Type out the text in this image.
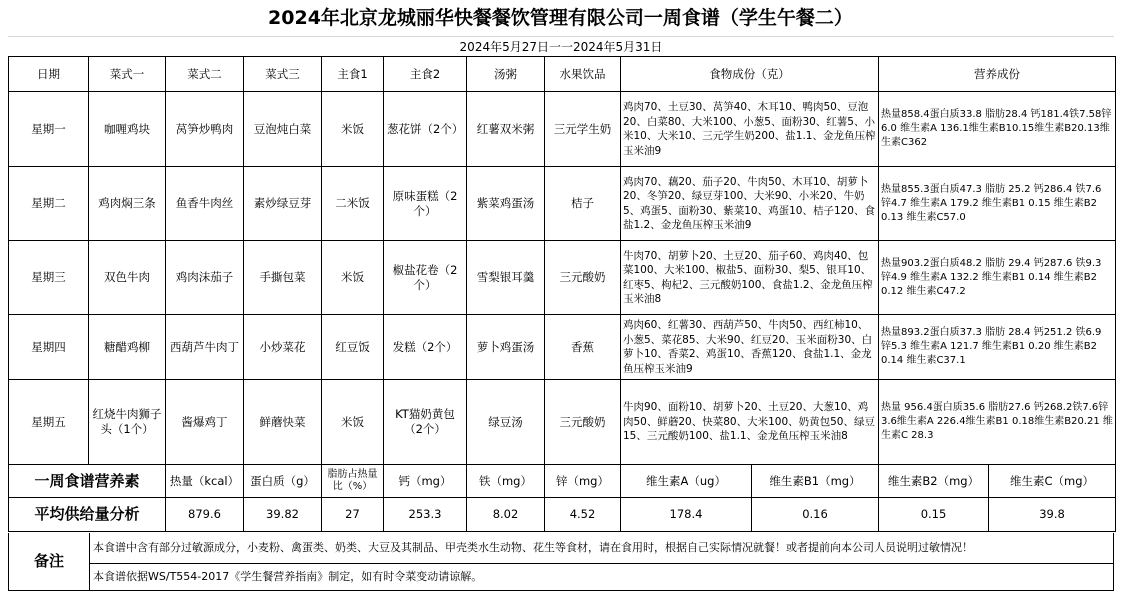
2024年北京龙城丽华快餐餐饮管理有限公司一周食谱（学生午餐二）
2024年5月27日一一2024年5月31日
日期	菜式一	菜式二	菜式三	主食1	主食2	汤粥	水果饮品	食物成份（克）		营养成份	
星期一	咖喱鸡块	莴笋炒鸭肉	豆泡炖白菜	米饭	葱花饼（2个）	红薯双米粥	三元学生奶	鸡肉70、土豆30、莴笋40、木耳10、鸭肉50、豆泡20、白菜80、大米100、小葱5、面粉30、红薯5、小米10、大米10、三元学生奶200、盐1.1、金龙鱼压榨玉米油9		热量858.4蛋白质33.8 脂肪28.4 钙181.4铁7.58锌6.0 维生素A 136.1维生素B10.15维生素B20.13维生素C362	
星期二	鸡肉焖三条	鱼香牛肉丝	素炒绿豆芽	二米饭	原味蛋糕（2个）	紫菜鸡蛋汤	桔子	鸡肉70、藕20、茄子20、牛肉50、木耳10、胡萝卜20、冬笋20、绿豆芽100、大米90、小米20、牛奶5、鸡蛋5、面粉30、紫菜10、鸡蛋10、桔子120、食盐1.2、金龙鱼压榨玉米油9		热量855.3蛋白质47.3 脂肪 25.2 钙286.4 铁7.6 锌4.7 维生素A 179.2 维生素B1 0.15 维生素B2 0.13 维生素C57.0	
星期三	双色牛肉	鸡肉沫茄子	手撕包菜	米饭	椒盐花卷（2个）	雪梨银耳羹	三元酸奶	牛肉70、胡萝卜20、土豆20、茄子60、鸡肉40、包菜100、大米100、椒盐5、面粉30、梨5、银耳10、红枣5、枸杞2、三元酸奶100、食盐1.2、金龙鱼压榨玉米油8		热量903.2蛋白质48.2 脂肪 29.4 钙287.6 铁9.3 锌4.9 维生素A 132.2 维生素B1 0.14 维生素B2 0.12 维生素C47.2	
星期四	糖醋鸡柳	西葫芦牛肉丁	小炒菜花	红豆饭	发糕（2个）	萝卜鸡蛋汤	香蕉	鸡肉60、红薯30、西葫芦50、牛肉50、西红柿10、小葱5、菜花85、大米90、红豆20、玉米面粉30、白萝卜10、香菜2、鸡蛋10、香蕉120、食盐1.1、金龙鱼压榨玉米油9		热量893.2蛋白质37.3 脂肪 28.4 钙251.2 铁6.9 锌5.3 维生素A 121.7 维生素B1 0.20 维生素B2 0.14 维生素C37.1	
星期五	红烧牛肉狮子头（1个）	酱爆鸡丁	鲜蘑快菜	米饭	KT猫奶黄包（2个）	绿豆汤	三元酸奶	牛肉90、面粉10、胡萝卜20、土豆20、大葱10、鸡肉50、鲜蘑20、快菜80、大米100、奶黄包50、绿豆15、三元酸奶100、盐1.1、金龙鱼压榨玉米油8		热量 956.4蛋白质35.6 脂肪27.6 钙268.2铁7.6锌3.6维生素A 226.4维生素B1 0.18维生素B20.21 维生素C 28.3	
一周食谱营养素		热量（kcal）	蛋白质（g）	脂肪占热量比（%）	钙（mg）	铁（mg）	锌（mg）	维生素A（ug）	维生素B1（mg）	维生素B2（mg）	维生素C（mg）
平均供给量分析		879.6	39.82	27	253.3	8.02	4.52	178.4	0.16	0.15	39.8
备注
本食谱中含有部分过敏源成分，小麦粉、禽蛋类、奶类、大豆及其制品、甲壳类水生动物、花生等食材，请在食用时，根据自己实际情况就餐！或者提前向本公司人员说明过敏情况！
本食谱依据WS/T554-2017《学生餐营养指南》制定，如有时令菜变动请谅解。
